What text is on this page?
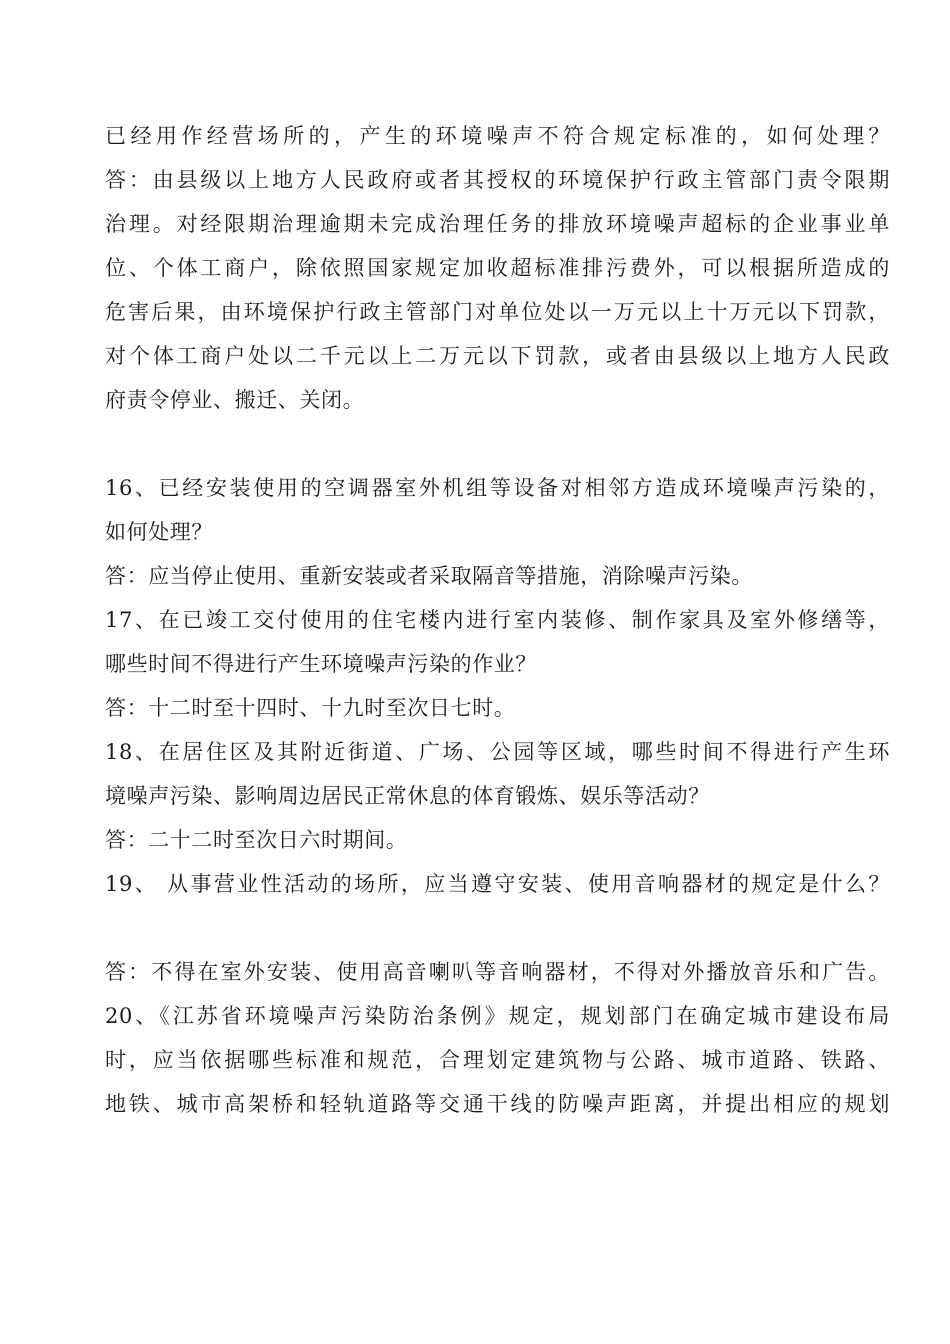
已经用作经营场所的，产生的环境噪声不符合规定标准的，如何处理？
答：由县级以上地方人民政府或者其授权的环境保护行政主管部门责令限期
治理。对经限期治理逾期未完成治理任务的排放环境噪声超标的企业事业单
位、个体工商户，除依照国家规定加收超标准排污费外，可以根据所造成的
危害后果，由环境保护行政主管部门对单位处以一万元以上十万元以下罚款，
对个体工商户处以二千元以上二万元以下罚款，或者由县级以上地方人民政
府责令停业、搬迁、关闭。
16、已经安装使用的空调器室外机组等设备对相邻方造成环境噪声污染的，
如何处理？
答：应当停止使用、重新安装或者采取隔音等措施，消除噪声污染。
17、在已竣工交付使用的住宅楼内进行室内装修、制作家具及室外修缮等，
哪些时间不得进行产生环境噪声污染的作业？
答：十二时至十四时、十九时至次日七时。
18、在居住区及其附近街道、广场、公园等区域，哪些时间不得进行产生环
境噪声污染、影响周边居民正常休息的体育锻炼、娱乐等活动？
答：二十二时至次日六时期间。
19、 从事营业性活动的场所，应当遵守安装、使用音响器材的规定是什么？
答：不得在室外安装、使用高音喇叭等音响器材，不得对外播放音乐和广告。
20、《江苏省环境噪声污染防治条例》规定，规划部门在确定城市建设布局
时，应当依据哪些标准和规范，合理划定建筑物与公路、城市道路、铁路、
地铁、城市高架桥和轻轨道路等交通干线的防噪声距离，并提出相应的规划
